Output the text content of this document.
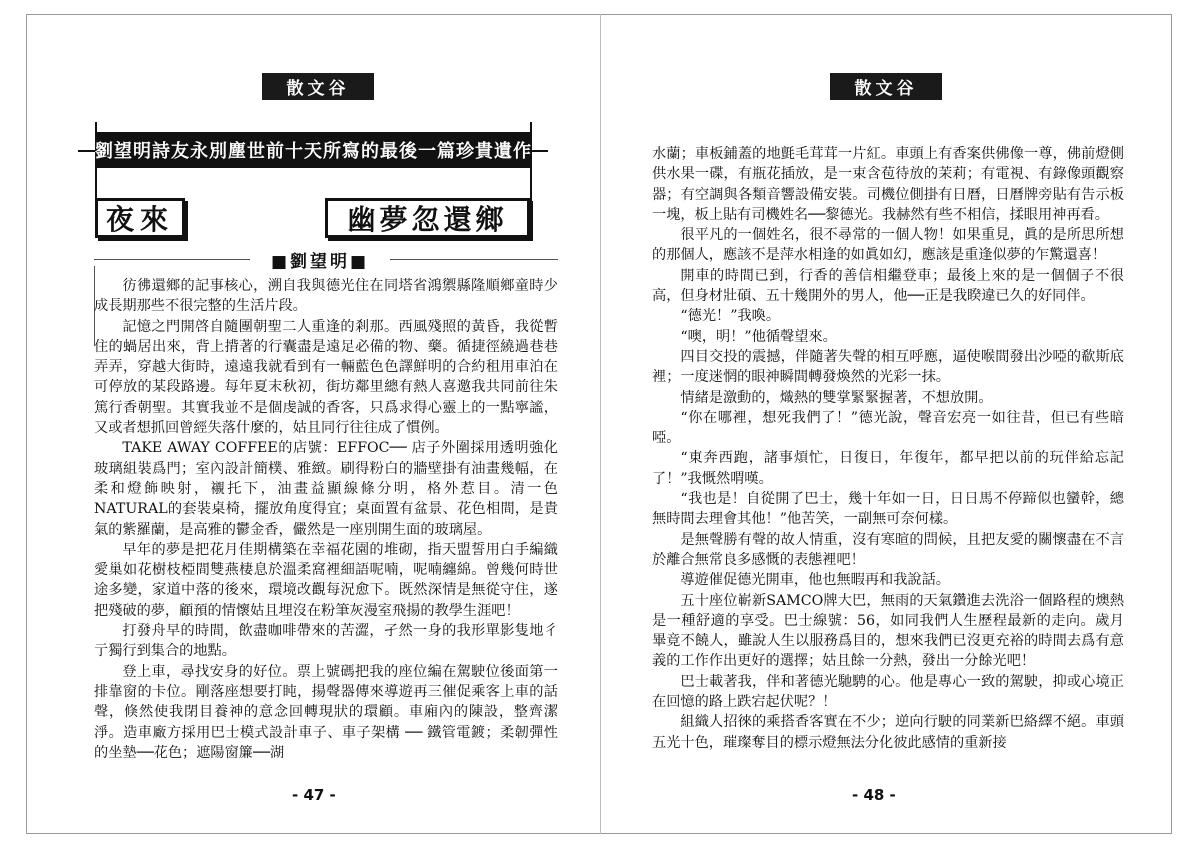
散文谷
劉望明詩友永別塵世前十天所寫的最後一篇珍貴遺作
夜來	幽夢忽還鄉
■劉望明■

彷彿還鄉的記事核心，溯自我與德光住在同塔省鴻禦縣隆順鄉童時少成長期那些不很完整的生活片段。

記憶之門開啓自隨團朝聖二人重逢的剎那。西風殘照的黃昏，我從暫住的蝸居出來，背上揹著的行囊盡是遠足必備的物、藥。循捷徑繞過巷巷弄弄，穿越大街時，遠遠我就看到有一輛藍色色譯鮮明的合約租用車泊在可停放的某段路邊。每年夏末秋初，街坊鄰里總有熱人喜邀我共同前往朱篤行香朝聖。其實我並不是個虔誠的香客，只爲求得心靈上的一點寧謐，又或者想抓回曾經失落什麼的，姑且同行往往成了慣例。

TAKE AWAY COFFEE的店號：EFFOC── 店子外圍採用透明強化玻璃組裝爲門；室內設計簡樸、雅緻。刷得粉白的牆壁掛有油畫幾幅，在柔和燈飾映射，襯托下，油畫益顯線條分明，格外惹目。清一色NATURAL的套裝桌椅，擺放角度得宜；桌面置有盆景、花色相間，是貴氣的紫羅蘭，是高雅的鬱金香，儼然是一座別開生面的玻璃屋。

早年的夢是把花月佳期構築在幸福花園的堆砌，指天盟誓用白手編織愛巢如花樹枝椏間雙燕棲息於溫柔窩裡細語呢喃，呢喃纏綿。曾幾何時世途多變，家道中落的後來，環境改觀每況愈下。既然深情是無從守住，遂把殘破的夢，顧預的情懷姑且埋沒在粉筆灰漫室飛揚的教學生涯吧！

打發舟早的時間，飲盡咖啡帶來的苦澀，孑然一身的我形單影隻地彳亍獨行到集合的地點。

登上車，尋找安身的好位。票上號碼把我的座位編在駕駛位後面第一排靠窗的卡位。剛落座想要打盹，揚聲器傳來導遊再三催促乘客上車的話聲，倏然使我閉目養神的意念回轉現狀的環顧。車廂內的陳設，整齊潔淨。造車廠方採用巴士模式設計車子、車子架構 ── 鐵管電鍍；柔韌彈性的坐墊──花色；遮陽窗簾──湖

- 47 -
散文谷

水蘭；車板鋪蓋的地氈毛茸茸一片紅。車頭上有香案供佛像一尊，佛前燈側供水果一碟，有瓶花插放，是一束含苞待放的茉莉；有電視、有錄像頭觀察器；有空調與各類音響設備安裝。司機位側掛有日曆，日曆牌旁貼有告示板一塊，板上貼有司機姓名──黎德光。我赫然有些不相信，揉眼用神再看。

很平凡的一個姓名，很不尋常的一個人物！如果重見，眞的是所思所想的那個人，應該不是萍水相逢的如眞如幻，應該是重逢似夢的乍驚還喜！

開車的時間已到，行香的善信相繼登車；最後上來的是一個個子不很高，但身材壯碩、五十幾開外的男人，他──正是我睽違已久的好同伴。

“德光！”我喚。

“噢，明！”他循聲望來。

四目交投的震撼，伴隨著失聲的相互呼應，逼使喉間發出沙啞的欷斯底裡；一度迷惘的眼神瞬間轉發煥然的光彩一抹。

情緒是激動的，熾熱的雙掌緊緊握著，不想放開。

“你在哪裡，想死我們了！”德光說，聲音宏亮一如往昔，但已有些暗啞。

“東奔西跑，諸事煩忙，日復日，年復年，都早把以前的玩伴給忘記了！”我慨然喟嘆。

“我也是！自從開了巴士，幾十年如一日，日日馬不停蹄似也蠻幹，總無時間去理會其他！”他苦笑，一副無可奈何樣。

是無聲勝有聲的故人情重，沒有寒暄的問候，且把友愛的關懷盡在不言於離合無常良多感慨的表態裡吧！

導遊催促德光開車，他也無暇再和我說話。

五十座位嶄新SAMCO牌大巴，無雨的天氣鑽進去洗浴一個路程的燠熱是一種舒適的享受。巴士線號：56，如同我們人生歷程最新的走向。歲月畢竟不饒人，雖說人生以服務爲目的，想來我們已沒更充裕的時間去爲有意義的工作作出更好的選擇；姑且餘一分熱，發出一分餘光吧！

巴士載著我，伴和著德光馳騁的心。他是專心一致的駕駛，抑或心境正在回憶的路上跌宕起伏呢？！

組織人招徠的乘搭香客實在不少；逆向行駛的同業新巴絡繹不絕。車頭五光十色，璀璨奪目的標示燈無法分化彼此感情的重新接

- 48 -
